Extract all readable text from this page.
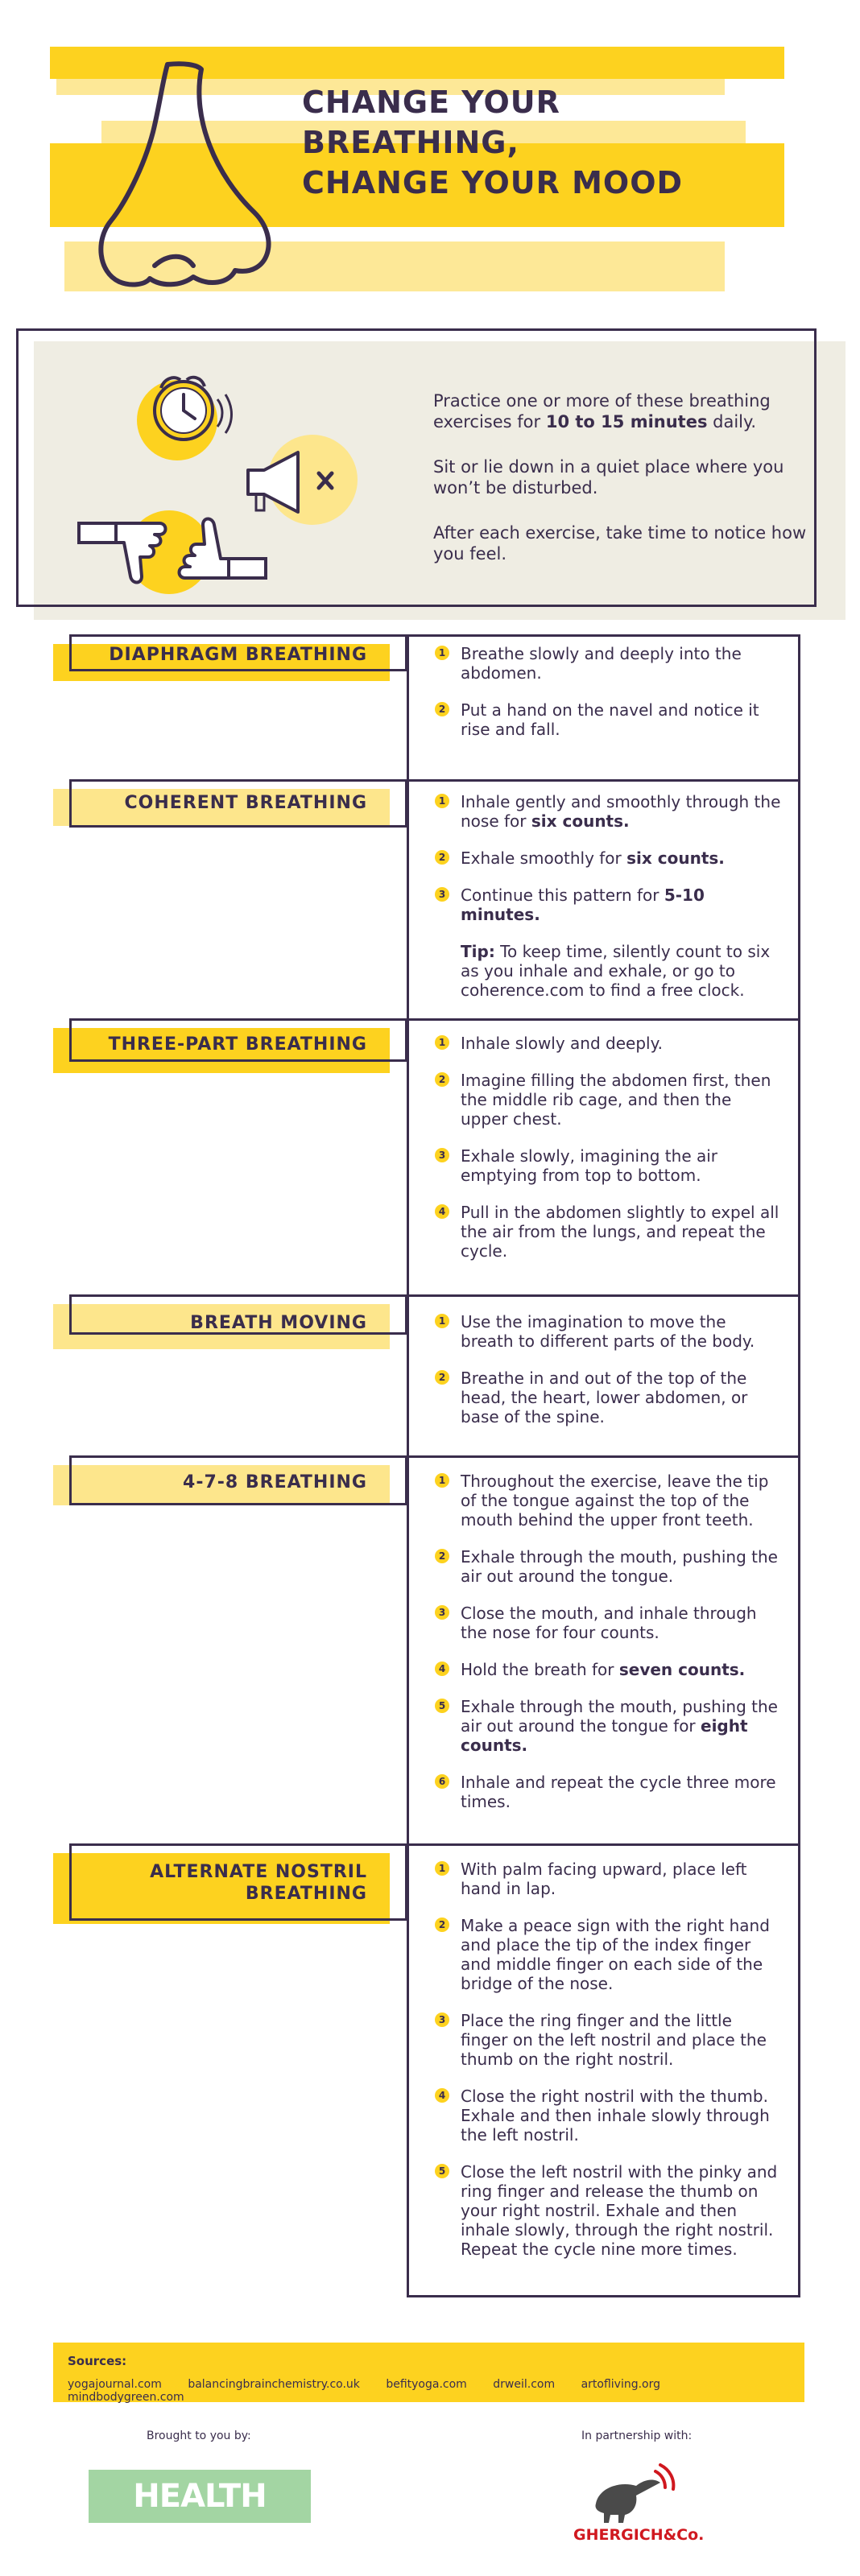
CHANGE YOUR
BREATHING,
CHANGE YOUR MOOD

Practice one or more of these breathing exercises for 10 to 15 minutes daily.

Sit or lie down in a quiet place where you won’t be disturbed.

After each exercise, take time to notice how you feel.

DIAPHRAGM BREATHING	1 Breathe slowly and deeply into the abdomen.
2 Put a hand on the navel and notice it rise and fall.
COHERENT BREATHING	1 Inhale gently and smoothly through the nose for six counts.
2 Exhale smoothly for six counts.
3 Continue this pattern for 5-10 minutes.
Tip: To keep time, silently count to six as you inhale and exhale, or go to coherence.com to find a free clock.
THREE-PART BREATHING	1 Inhale slowly and deeply.
2 Imagine filling the abdomen first, then the middle rib cage, and then the upper chest.
3 Exhale slowly, imagining the air emptying from top to bottom.
4 Pull in the abdomen slightly to expel all the air from the lungs, and repeat the cycle.
BREATH MOVING	1 Use the imagination to move the breath to different parts of the body.
2 Breathe in and out of the top of the head, the heart, lower abdomen, or base of the spine.
4-7-8 BREATHING	1 Throughout the exercise, leave the tip of the tongue against the top of the mouth behind the upper front teeth.
2 Exhale through the mouth, pushing the air out around the tongue.
3 Close the mouth, and inhale through the nose for four counts.
4 Hold the breath for seven counts.
5 Exhale through the mouth, pushing the air out around the tongue for eight counts.
6 Inhale and repeat the cycle three more times.
ALTERNATE NOSTRIL
BREATHING
1 With palm facing upward, place left hand in lap.
2 Make a peace sign with the right hand and place the tip of the index finger and middle finger on each side of the bridge of the nose.
3 Place the ring finger and the little finger on the left nostril and place the thumb on the right nostril.
4 Close the right nostril with the thumb. Exhale and then inhale slowly through the left nostril.
5 Close the left nostril with the pinky and ring finger and release the thumb on your right nostril. Exhale and then inhale slowly, through the right nostril. Repeat the cycle nine more times.
Sources:
yogajournal.com balancingbrainchemistry.co.uk befityoga.com drweil.com artofliving.org mindbodygreen.com
Brought to you by:	In partnership with:
HEALTH PERCH	GHERGICH&Co.
